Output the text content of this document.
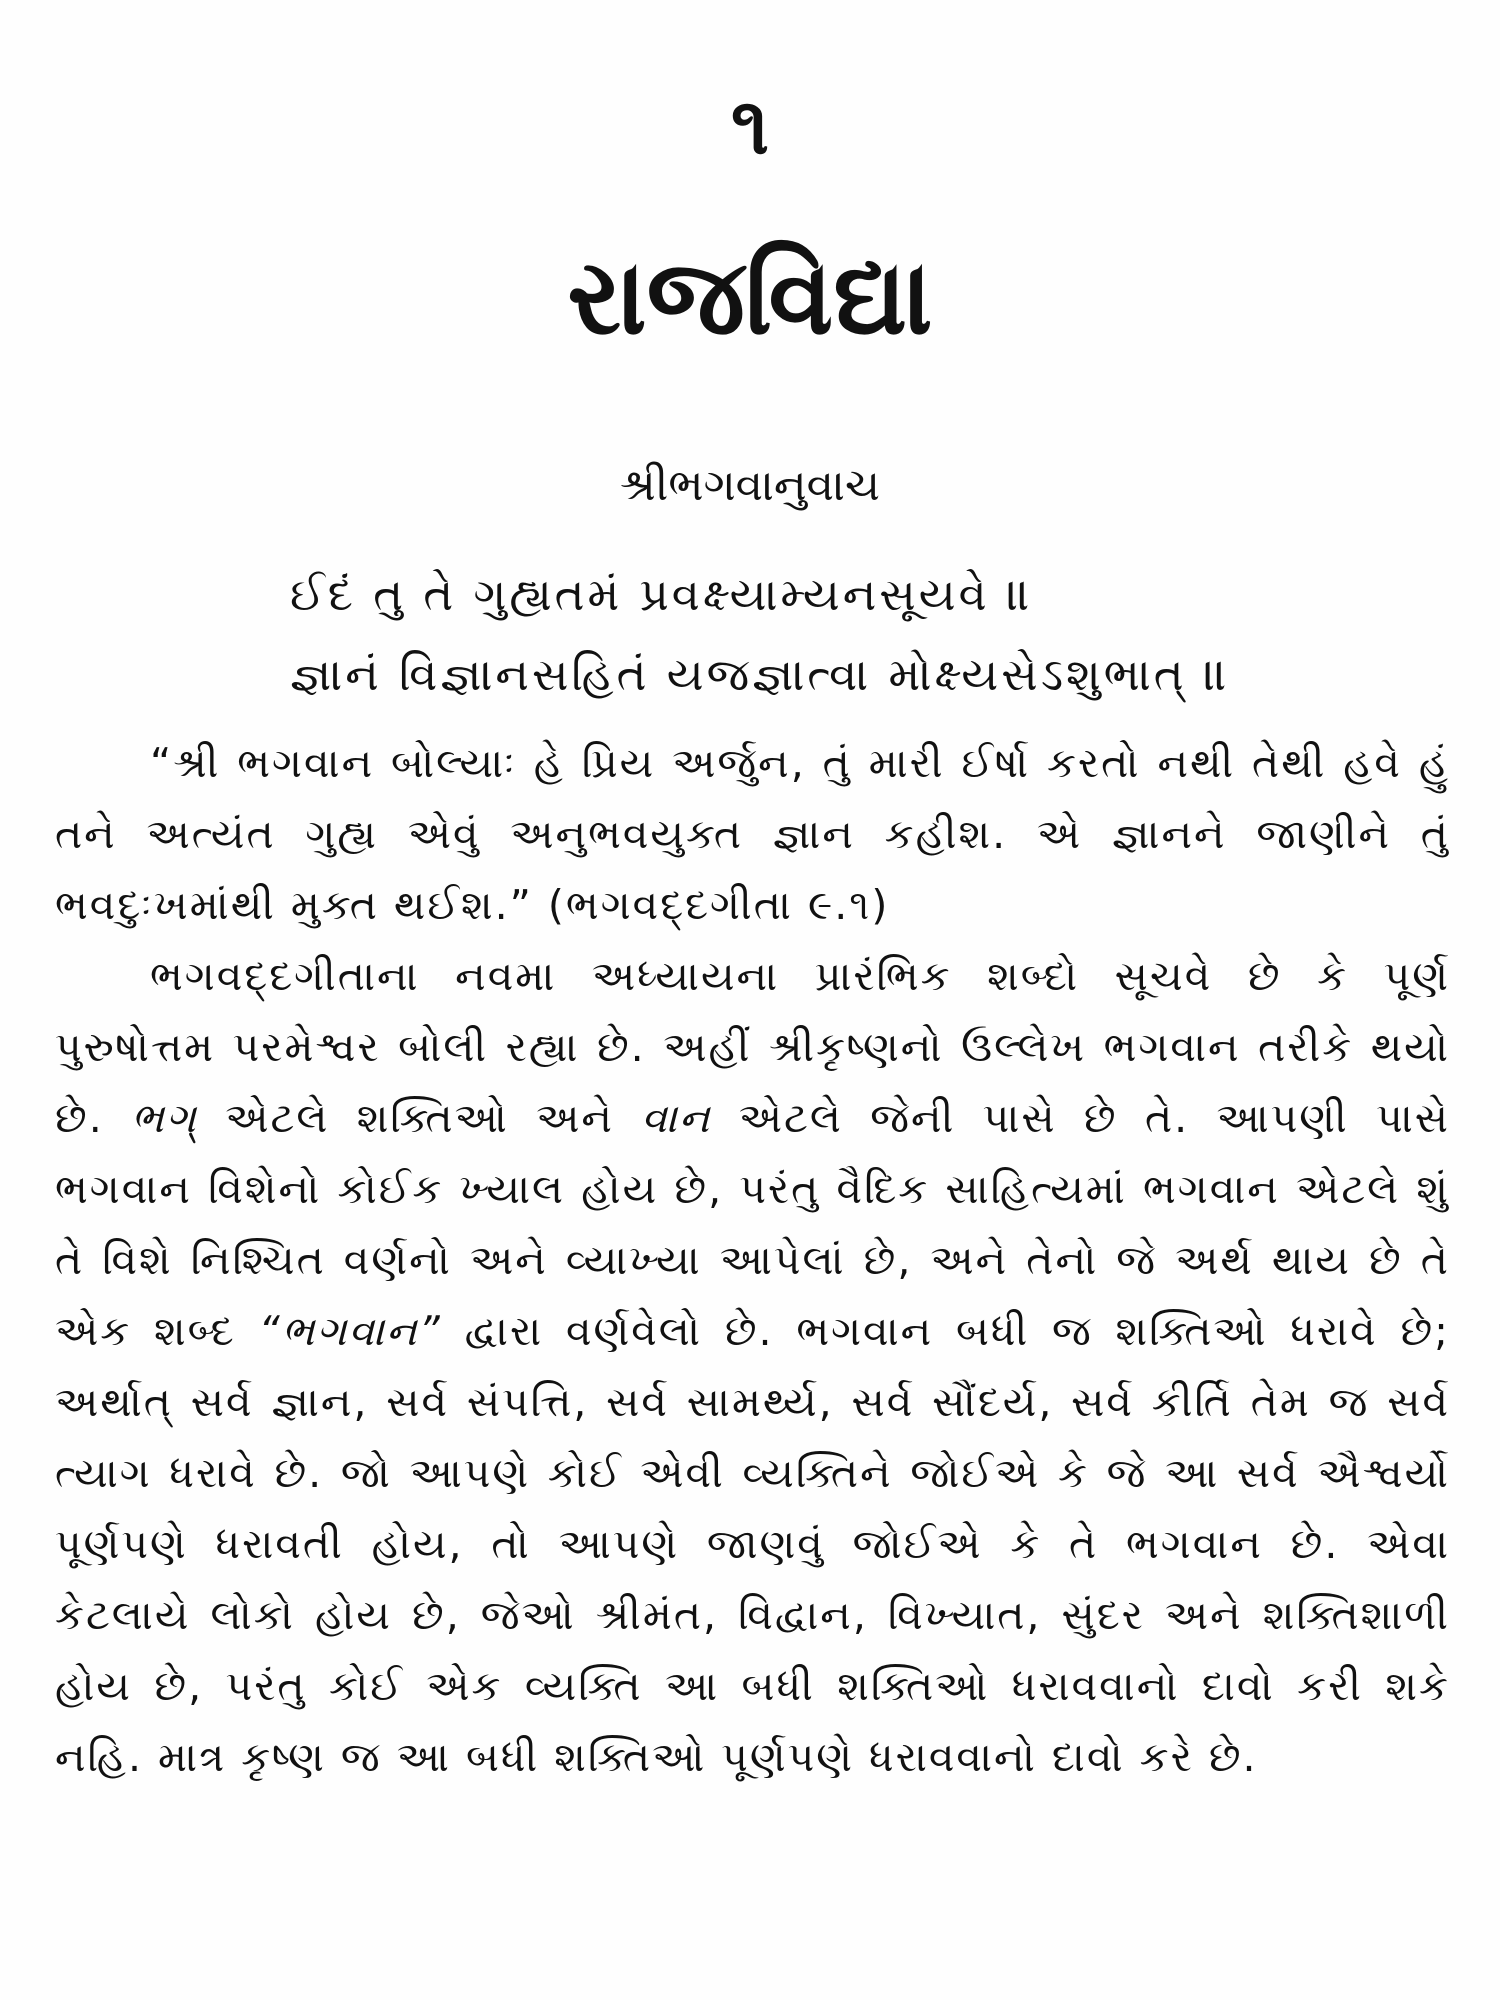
૧
રાજવિદ્યા
શ્રીભગવાનુવાચ
ઈદં તુ તે ગુહ્યતમં પ્રવક્ષ્યામ્યનસૂયવે ॥
જ્ઞાનં વિજ્ઞાનસહિતં યજજ્ઞાત્વા મોક્ષ્યસેઽશુભાત્ ॥

“શ્રી ભગવાન બોલ્યાઃ હે પ્રિય અર્જુન, તું મારી ઈર્ષા કરતો નથી તેથી હવે હું તને અત્યંત ગુહ્ય એવું અનુભવયુક્ત જ્ઞાન કહીશ. એ જ્ઞાનને જાણીને તું ભવદુઃખમાંથી મુક્ત થઈશ.” (ભગવદ્દગીતા ૯.૧)

ભગવદ્દગીતાના નવમા અધ્યાયના પ્રારંભિક શબ્દો સૂચવે છે કે પૂર્ણ પુરુષોત્તમ પરમેશ્વર બોલી રહ્યા છે. અહીં શ્રીકૃષ્ણનો ઉલ્લેખ ભગવાન તરીકે થયો છે. ભગ્ એટલે શક્તિઓ અને વાન એટલે જેની પાસે છે તે. આપણી પાસે ભગવાન વિશેનો કોઈક ખ્યાલ હોય છે, પરંતુ વૈદિક સાહિત્યમાં ભગવાન એટલે શું તે વિશે નિશ્ચિત વર્ણનો અને વ્યાખ્યા આપેલાં છે, અને તેનો જે અર્થ થાય છે તે એક શબ્દ “ભગવાન” દ્વારા વર્ણવેલો છે. ભગવાન બધી જ શક્તિઓ ધરાવે છે; અર્થાત્ સર્વ જ્ઞાન, સર્વ સંપત્તિ, સર્વ સામર્થ્ય, સર્વ સૌંદર્ય, સર્વ કીર્તિ તેમ જ સર્વ ત્યાગ ધરાવે છે. જો આપણે કોઈ એવી વ્યક્તિને જોઈએ કે જે આ સર્વ ઐશ્વર્યો પૂર્ણપણે ધરાવતી હોય, તો આપણે જાણવું જોઈએ કે તે ભગવાન છે. એવા કેટલાયે લોકો હોય છે, જેઓ શ્રીમંત, વિદ્વાન, વિખ્યાત, સુંદર અને શક્તિશાળી હોય છે, પરંતુ કોઈ એક વ્યક્તિ આ બધી શક્તિઓ ધરાવવાનો દાવો કરી શકે નહિ. માત્ર કૃષ્ણ જ આ બધી શક્તિઓ પૂર્ણપણે ધરાવવાનો દાવો કરે છે.
